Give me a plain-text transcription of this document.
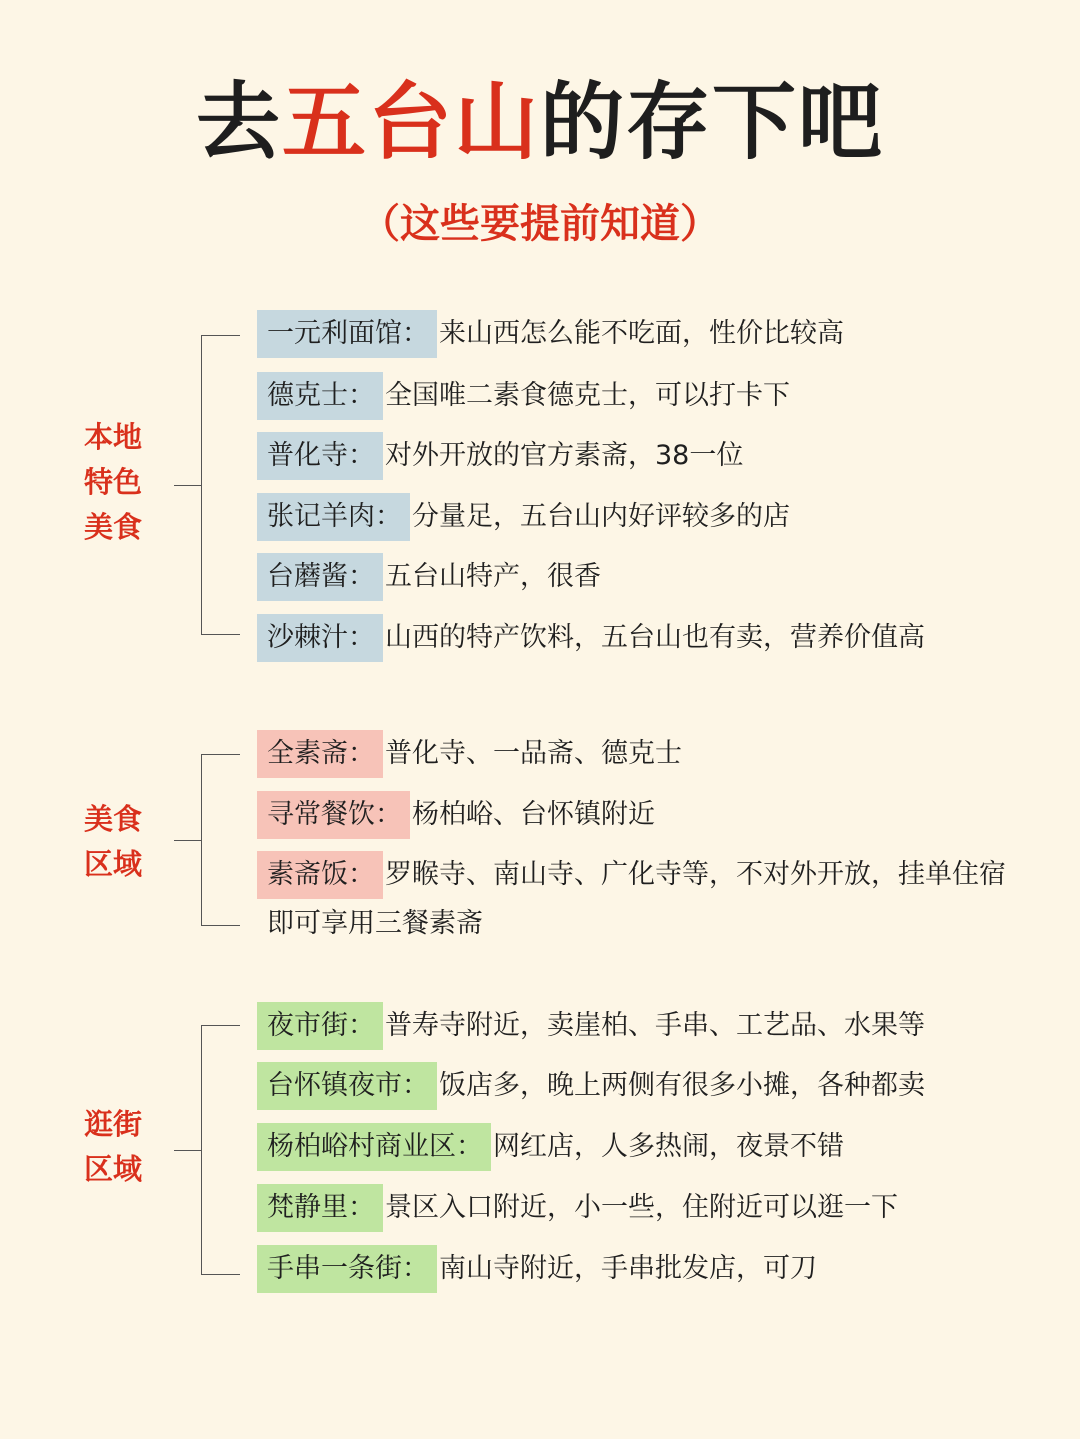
去五台山的存下吧
（这些要提前知道）
本地
特色
美食
一元利面馆： 来山西怎么能不吃面，性价比较高
德克士： 全国唯二素食德克士，可以打卡下
普化寺： 对外开放的官方素斋，38一位
张记羊肉： 分量足，五台山内好评较多的店
台蘑酱： 五台山特产，很香
沙棘汁： 山西的特产饮料，五台山也有卖，营养价值高
美食
区域
全素斋： 普化寺、一品斋、德克士
寻常餐饮： 杨柏峪、台怀镇附近
素斋饭： 罗睺寺、南山寺、广化寺等，不对外开放，挂单住宿
即可享用三餐素斋
逛街
区域
夜市街： 普寿寺附近，卖崖柏、手串、工艺品、水果等
台怀镇夜市： 饭店多，晚上两侧有很多小摊，各种都卖
杨柏峪村商业区： 网红店，人多热闹，夜景不错
梵静里： 景区入口附近，小一些，住附近可以逛一下
手串一条街： 南山寺附近，手串批发店，可刀
